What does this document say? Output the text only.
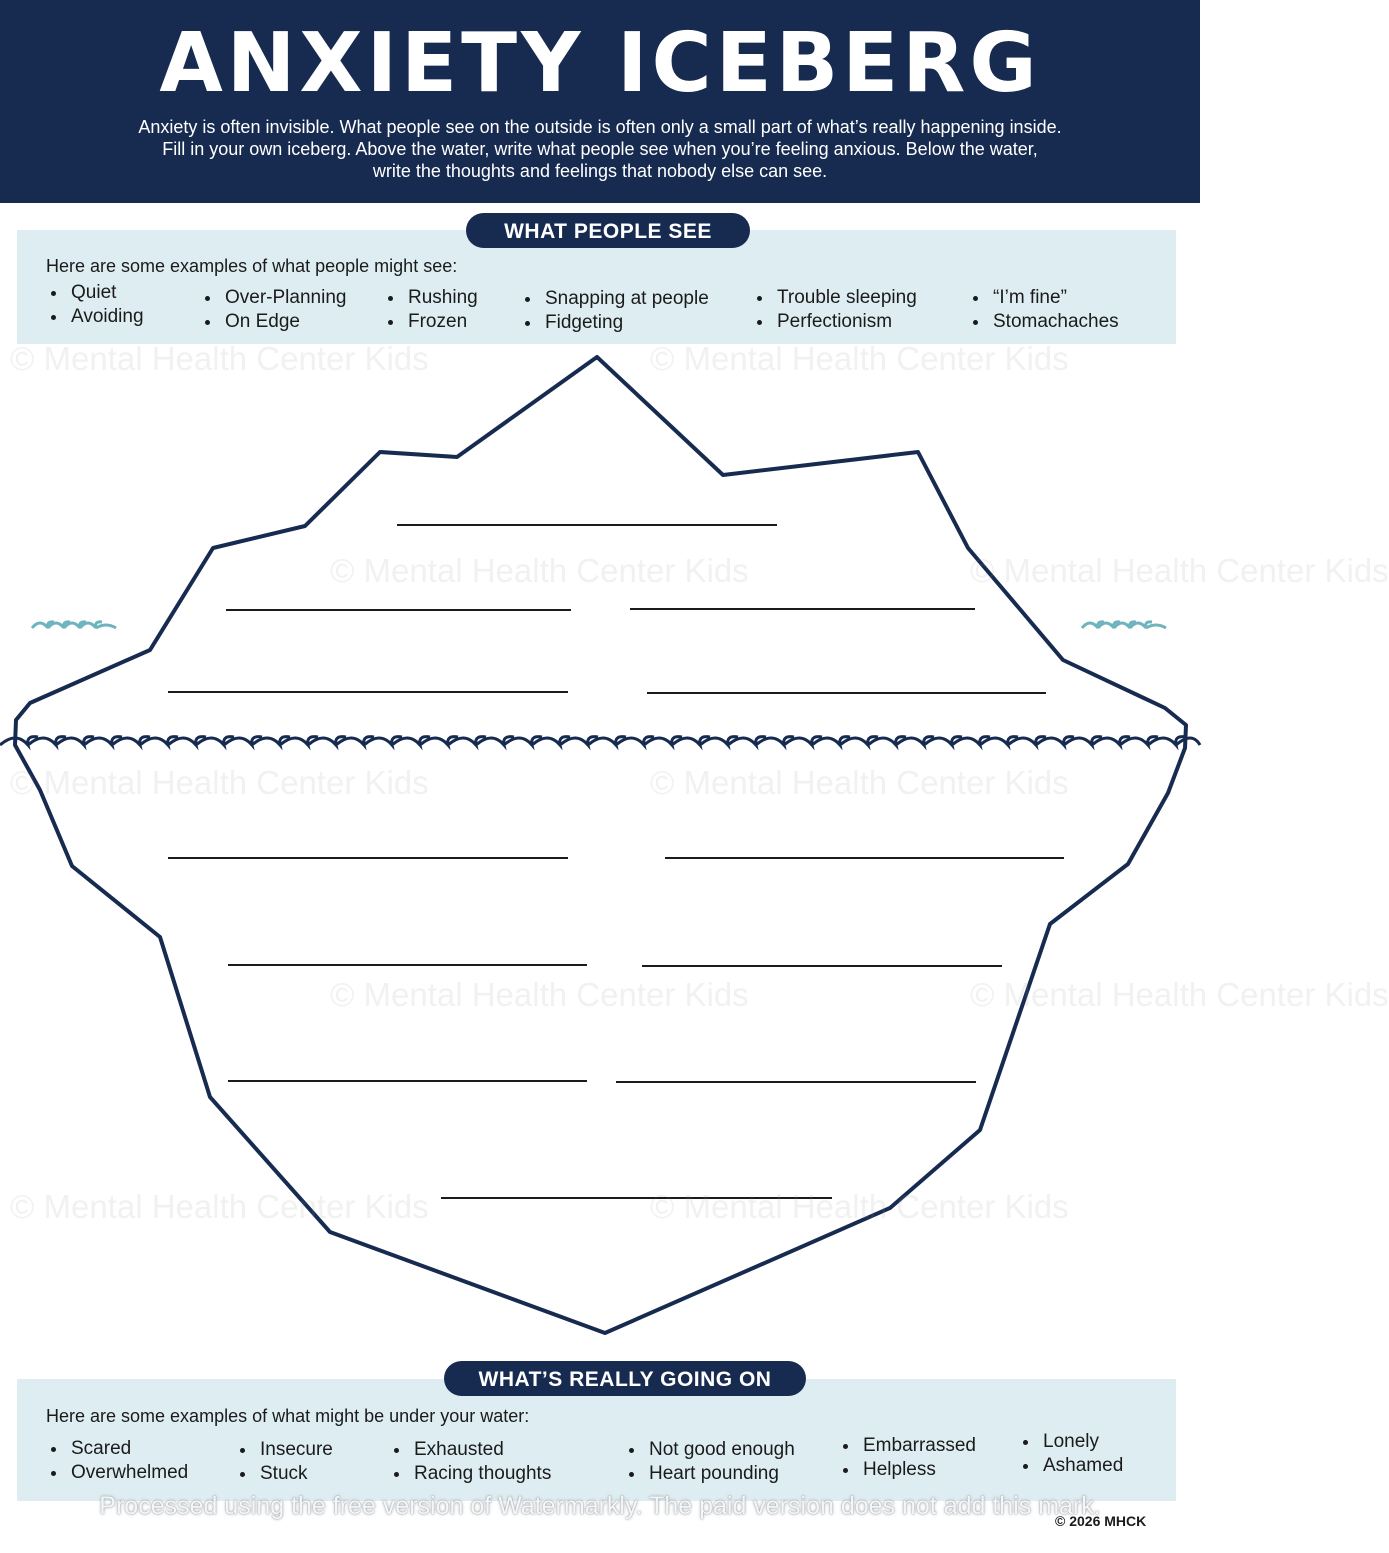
ANXIETY ICEBERG
Anxiety is often invisible. What people see on the outside is often only a small part of what’s really happening inside.
Fill in your own iceberg. Above the water, write what people see when you’re feeling anxious. Below the water,
write the thoughts and feelings that nobody else can see.
WHAT PEOPLE SEE
Here are some examples of what people might see:
Quiet
Avoiding
Over-Planning
On Edge
Rushing
Frozen
Snapping at people
Fidgeting
Trouble sleeping
Perfectionism
“I’m fine”
Stomachaches
WHAT’S REALLY GOING ON
Here are some examples of what might be under your water:
Scared
Overwhelmed
Insecure
Stuck
Exhausted
Racing thoughts
Not good enough
Heart pounding
Embarrassed
Helpless
Lonely
Ashamed
© Mental Health Center Kids	© Mental Health Center Kids
© Mental Health Center Kids	© Mental Health Center Kids
© Mental Health Center Kids	© Mental Health Center Kids
© Mental Health Center Kids	© Mental Health Center Kids
© Mental Health Center Kids	© Mental Health Center Kids
Processed using the free version of Watermarkly. The paid version does not add this mark.
© 2026 MHCK
